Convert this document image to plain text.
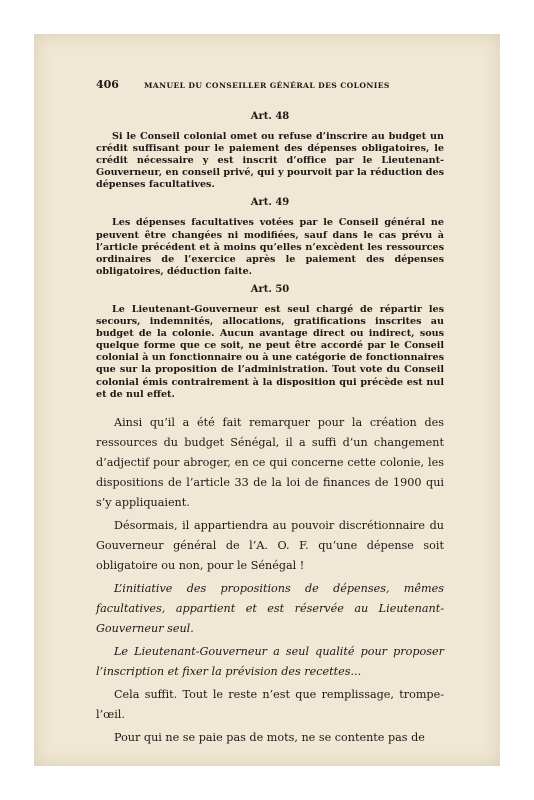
406	MANUEL DU CONSEILLER GÉNÉRAL DES COLONIES
Art. 48

Si le Conseil colonial omet ou refuse d’inscrire au budget un crédit suffisant pour le paiement des dépenses obligatoires, le crédit nécessaire y est inscrit d’office par le Lieutenant-Gouverneur, en conseil privé, qui y pourvoit par la réduction des dépenses facultatives.

Art. 49

Les dépenses facultatives votées par le Conseil général ne peuvent être changées ni modifiées, sauf dans le cas prévu à l’article précédent et à moins qu’elles n’excèdent les ressources ordinaires de l’exercice après le paiement des dépenses obligatoires, déduction faite.

Art. 50

Le Lieutenant-Gouverneur est seul chargé de répartir les secours, indemnités, allocations, gratifications inscrites au budget de la colonie. Aucun avantage direct ou indirect, sous quelque forme que ce soit, ne peut être accordé par le Conseil colonial à un fonctionnaire ou à une catégorie de fonctionnaires que sur la proposition de l’administration. Tout vote du Conseil colonial émis contrairement à la disposition qui précède est nul et de nul effet.

Ainsi qu’il a été fait remarquer pour la création des ressources du budget Sénégal, il a suffi d’un changement d’adjectif pour abroger, en ce qui concerne cette colonie, les dispositions de l’article 33 de la loi de finances de 1900 qui s’y appliquaient.

Désormais, il appartiendra au pouvoir discrétionnaire du Gouverneur général de l’A. O. F. qu’une dépense soit obligatoire ou non, pour le Sénégal !

L’initiative des propositions de dépenses, mêmes facultatives, appartient et est réservée au Lieutenant-Gouverneur seul.

Le Lieutenant-Gouverneur a seul qualité pour proposer l’inscription et fixer la prévision des recettes...

Cela suffit. Tout le reste n’est que remplissage, trompe-l’œil.

Pour qui ne se paie pas de mots, ne se contente pas de
